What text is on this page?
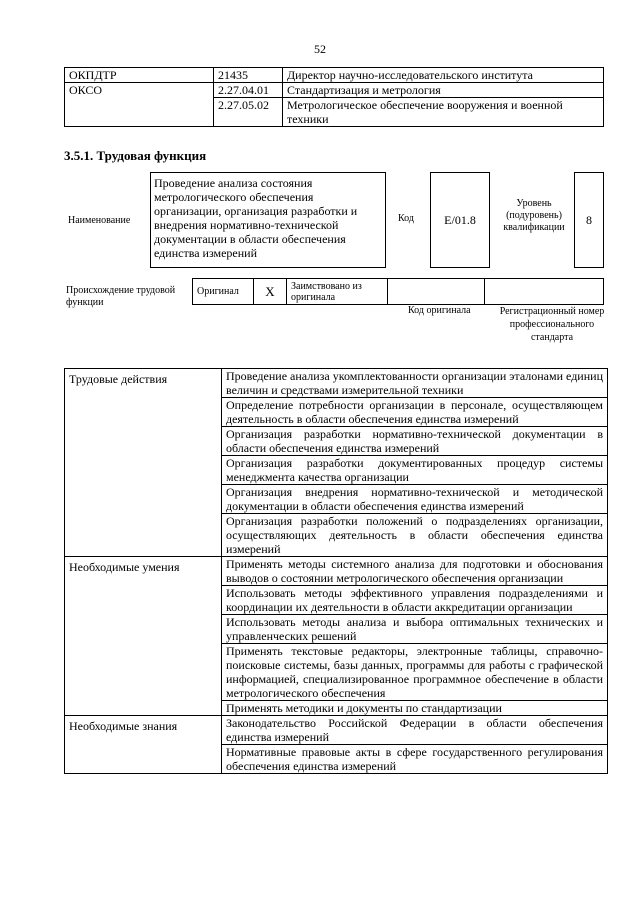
52
ОКПДТР	21435	Директор научно-исследовательского института
ОКСО	2.27.04.01	Стандартизация и метрология
	2.27.05.02	Метрологическое обеспечение вооружения и военной техники
3.5.1. Трудовая функция
Наименование
Проведение анализа состояния метрологического обеспечения организации, организация разработки и внедрения нормативно-технической документации в области обеспечения единства измерений
Код	E/01.8
Уровень (подуровень) квалификации
8
Происхождение трудовой функции
Оригинал	X	Заимствовано из оригинала		
Код оригинала	Регистрационный номер профессионального стандарта
Трудовые действия	Проведение анализа укомплектованности организации эталонами единиц величин и средствами измерительной техники
	Определение потребности организации в персонале, осуществляющем деятельность в области обеспечения единства измерений
	Организация разработки нормативно-технической документации в области обеспечения единства измерений
	Организация разработки документированных процедур системы менеджмента качества организации
	Организация внедрения нормативно-технической и методической документации в области обеспечения единства измерений
	Организация разработки положений о подразделениях организации, осуществляющих деятельность в области обеспечения единства измерений
Необходимые умения	Применять методы системного анализа для подготовки и обоснования выводов о состоянии метрологического обеспечения организации
	Использовать методы эффективного управления подразделениями и координации их деятельности в области аккредитации организации
	Использовать методы анализа и выбора оптимальных технических и управленческих решений
	Применять текстовые редакторы, электронные таблицы, справочно-поисковые системы, базы данных, программы для работы с графической информацией, специализированное программное обеспечение в области метрологического обеспечения
	Применять методики и документы по стандартизации
Необходимые знания	Законодательство Российской Федерации в области обеспечения единства измерений
	Нормативные правовые акты в сфере государственного регулирования обеспечения единства измерений
